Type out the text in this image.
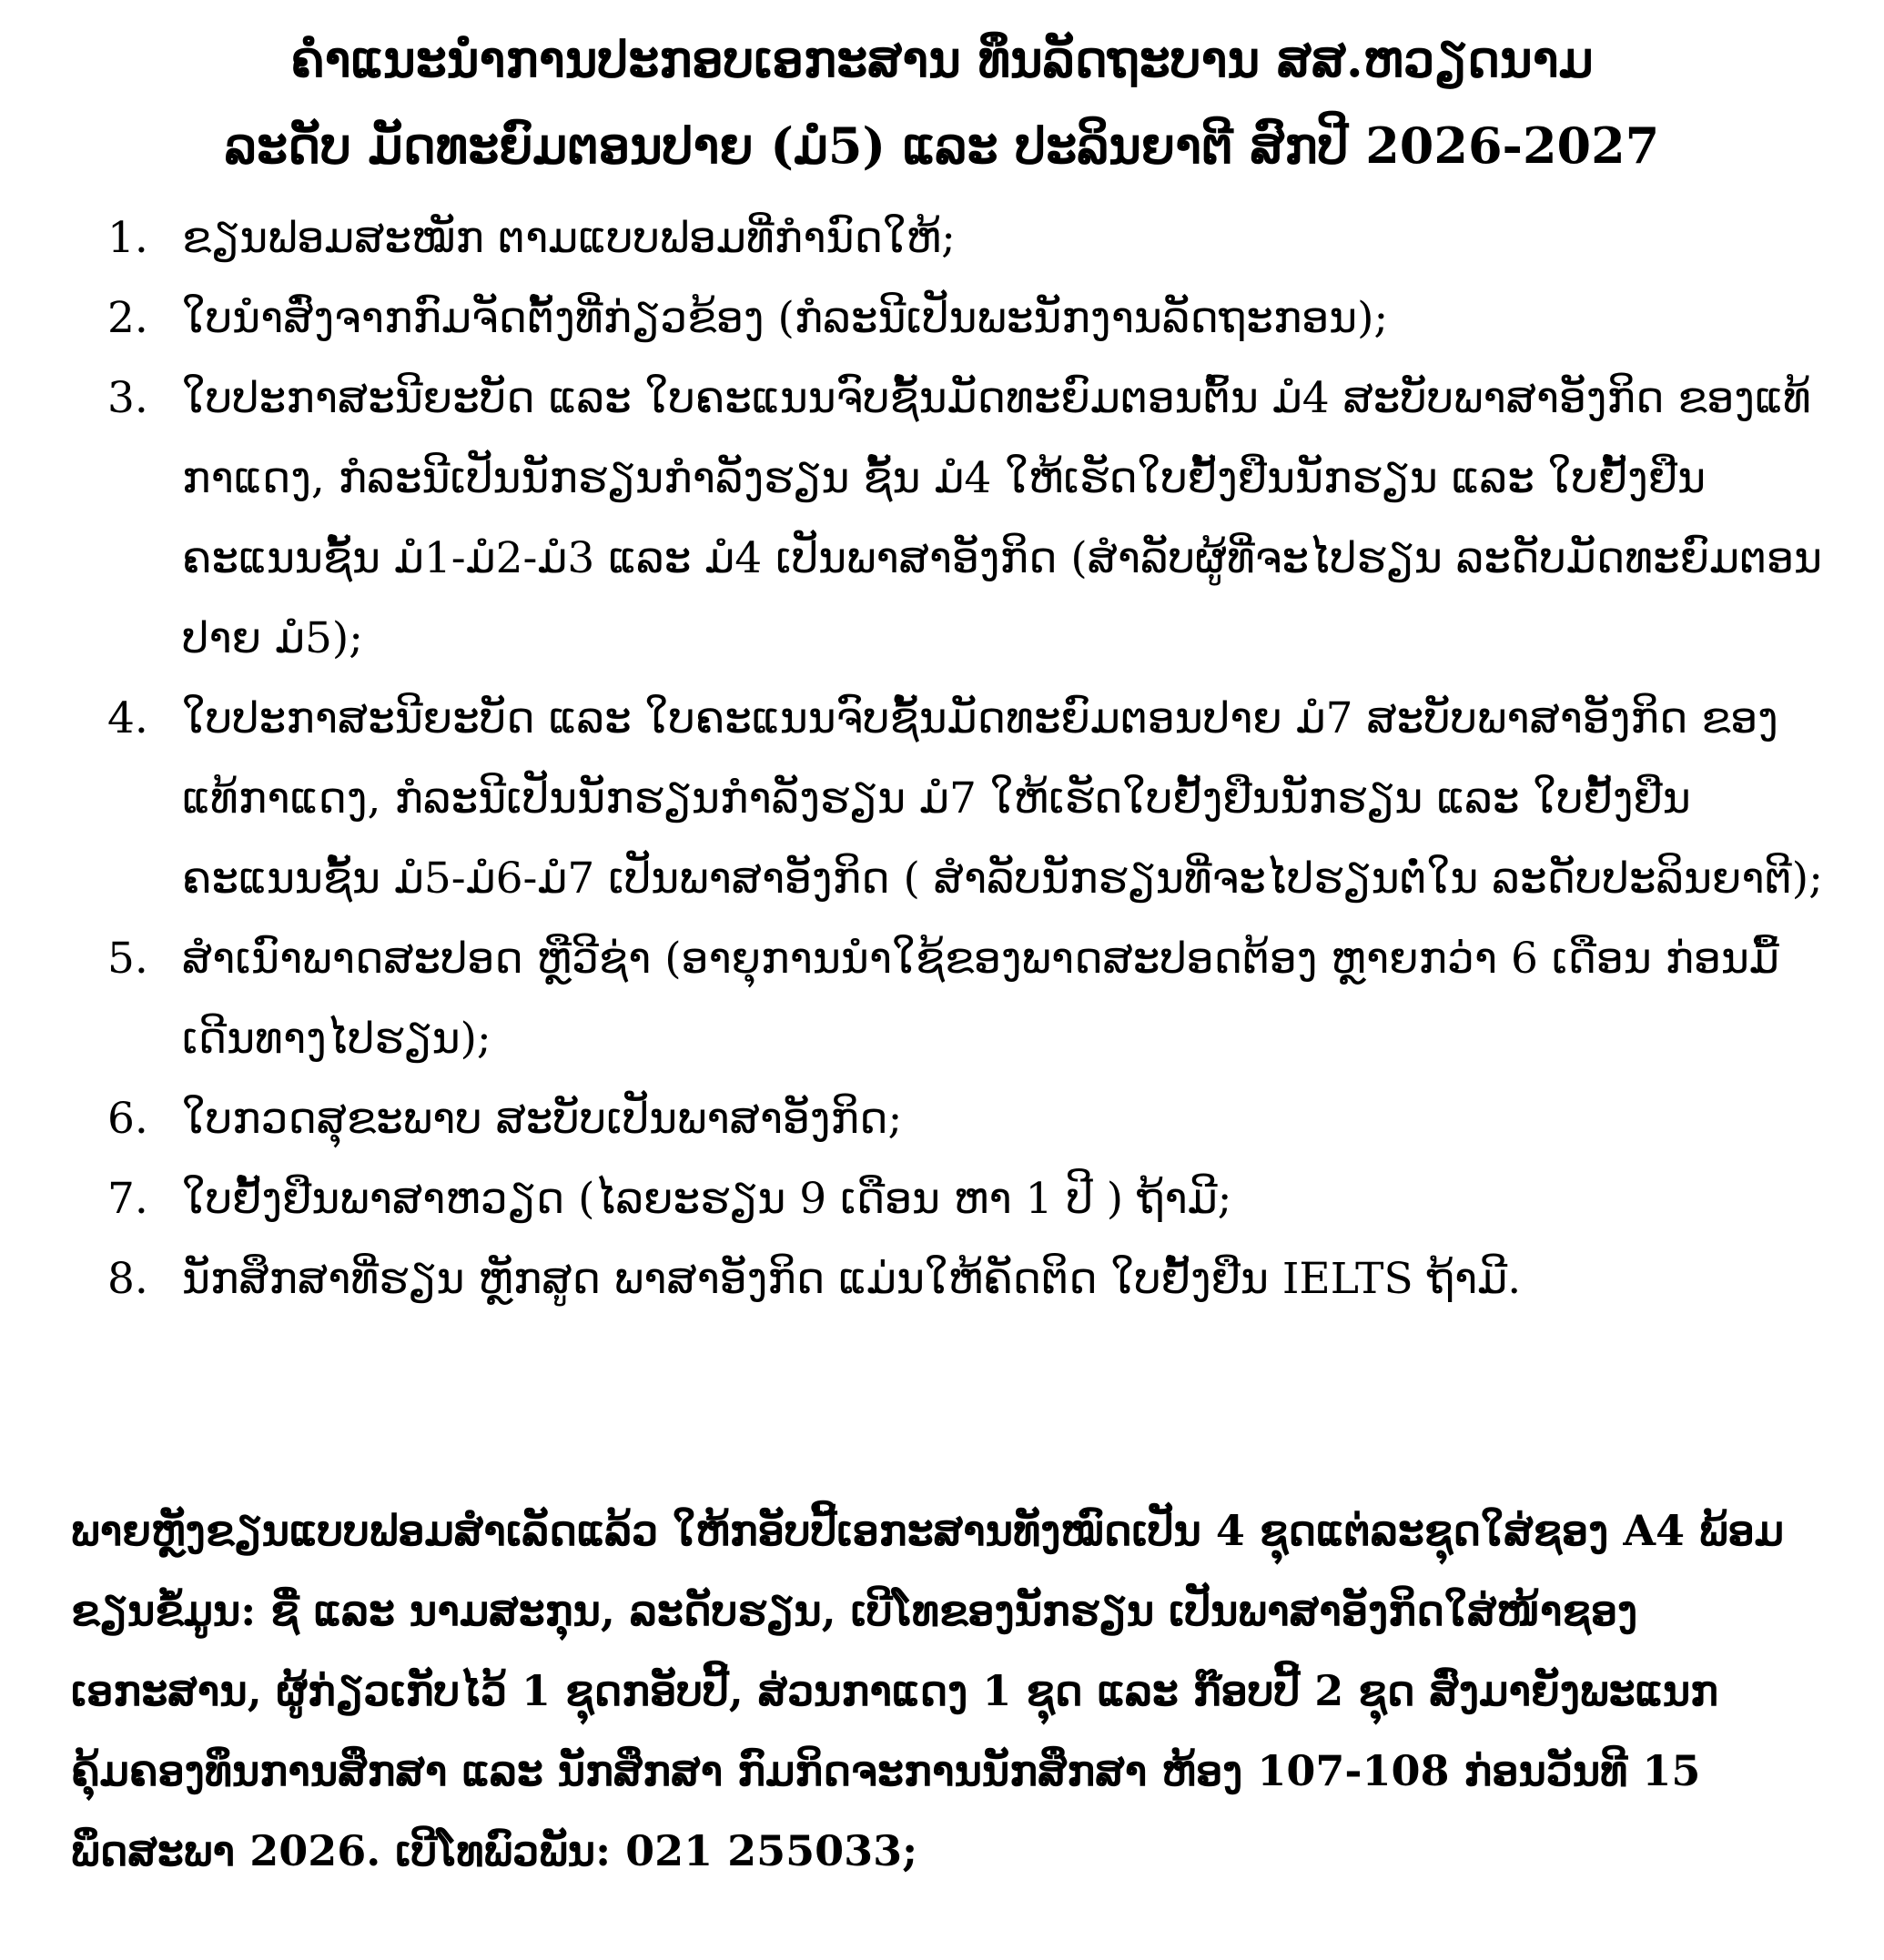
ຄຳແນະນຳການປະກອບເອກະສານ ທຶນລັດຖະບານ ສສ.ຫວຽດນາມ
ລະດັບ ມັດທະຍົມຕອນປາຍ (ມໍ5) ແລະ ປະລິນຍາຕີ ສົກປີ 2026-2027
1. ຂຽນຟອມສະໝັກ ຕາມແບບຟອມທີ່ກຳນົດໃຫ້;
2. ໃບນຳສົ່ງຈາກກົມຈັດຕັ້ງທີ່ກ່ຽວຂ້ອງ (ກໍລະນີເປັນພະນັກງານລັດຖະກອນ);
3. ໃບປະກາສະນີຍະບັດ ແລະ ໃບຄະແນນຈົບຊັ້ນມັດທະຍົມຕອນຕົ້ນ ມໍ4 ສະບັບພາສາອັງກິດ ຂອງແທ້ກາແດງ, ກໍລະນີເປັນນັກຮຽນກຳລັງຮຽນ ຊັ້ນ ມໍ4 ໃຫ້ເຮັດໃບຢັ້ງຢືນນັກຮຽນ ແລະ ໃບຢັ້ງຢືນຄະແນນຊັ້ນ ມໍ1-ມໍ2-ມໍ3 ແລະ ມໍ4 ເປັນພາສາອັງກິດ (ສຳລັບຜູ້ທີ່ຈະໄປຮຽນ ລະດັບມັດທະຍົມຕອນປາຍ ມໍ5);
4. ໃບປະກາສະນີຍະບັດ ແລະ ໃບຄະແນນຈົບຊັ້ນມັດທະຍົມຕອນປາຍ ມໍ7 ສະບັບພາສາອັງກິດ ຂອງແທ້ກາແດງ, ກໍລະນີເປັນນັກຮຽນກຳລັງຮຽນ ມໍ7 ໃຫ້ເຮັດໃບຢັ້ງຢືນນັກຮຽນ ແລະ ໃບຢັ້ງຢືນຄະແນນຊັ້ນ ມໍ5-ມໍ6-ມໍ7 ເປັນພາສາອັງກິດ ( ສຳລັບນັກຮຽນທີ່ຈະໄປຮຽນຕໍ່ໃນ ລະດັບປະລິນຍາຕີ);
5. ສຳເນົາພາດສະປອດ ຫຼືວີຊ່າ (ອາຍຸການນຳໃຊ້ຂອງພາດສະປອດຕ້ອງ ຫຼາຍກວ່າ 6 ເດືອນ ກ່ອນມື້ເດີນທາງໄປຮຽນ);
6. ໃບກວດສຸຂະພາບ ສະບັບເປັນພາສາອັງກິດ;
7. ໃບຢັ້ງຢືນພາສາຫວຽດ (ໄລຍະຮຽນ 9 ເດືອນ ຫາ 1 ປີ ) ຖ້າມີ;
8. ນັກສຶກສາທີ່ຮຽນ ຫຼັກສູດ ພາສາອັງກິດ ແມ່ນໃຫ້ຄັດຕິດ ໃບຢັ້ງຢືນ IELTS ຖ້າມີ.

ພາຍຫຼັງຂຽນແບບຟອມສຳເລັດແລ້ວ ໃຫ້ກອັບປີ້ເອກະສານທັງໝົດເປັນ 4 ຊຸດແຕ່ລະຊຸດໃສ່ຊອງ A4 ພ້ອມຂຽນຂໍ້ມູນ: ຊື່ ແລະ ນາມສະກຸນ, ລະດັບຮຽນ, ເບີໂທຂອງນັກຮຽນ ເປັນພາສາອັງກິດໃສ່ໜ້າຊອງ ເອກະສານ, ຜູ້ກ່ຽວເກັບໄວ້ 1 ຊຸດກອັບປີ້, ສ່ວນກາແດງ 1 ຊຸດ ແລະ ກ໊ອບປີ້ 2 ຊຸດ ສົ່ງມາຍັງພະແນກ ຄຸ້ມຄອງທຶນການສຶກສາ ແລະ ນັກສຶກສາ ກົມກິດຈະການນັກສຶກສາ ຫ້ອງ 107-108 ກ່ອນວັນທີ 15 ພຶດສະພາ 2026. ເບີໂທພົວພັນ: 021 255033;
